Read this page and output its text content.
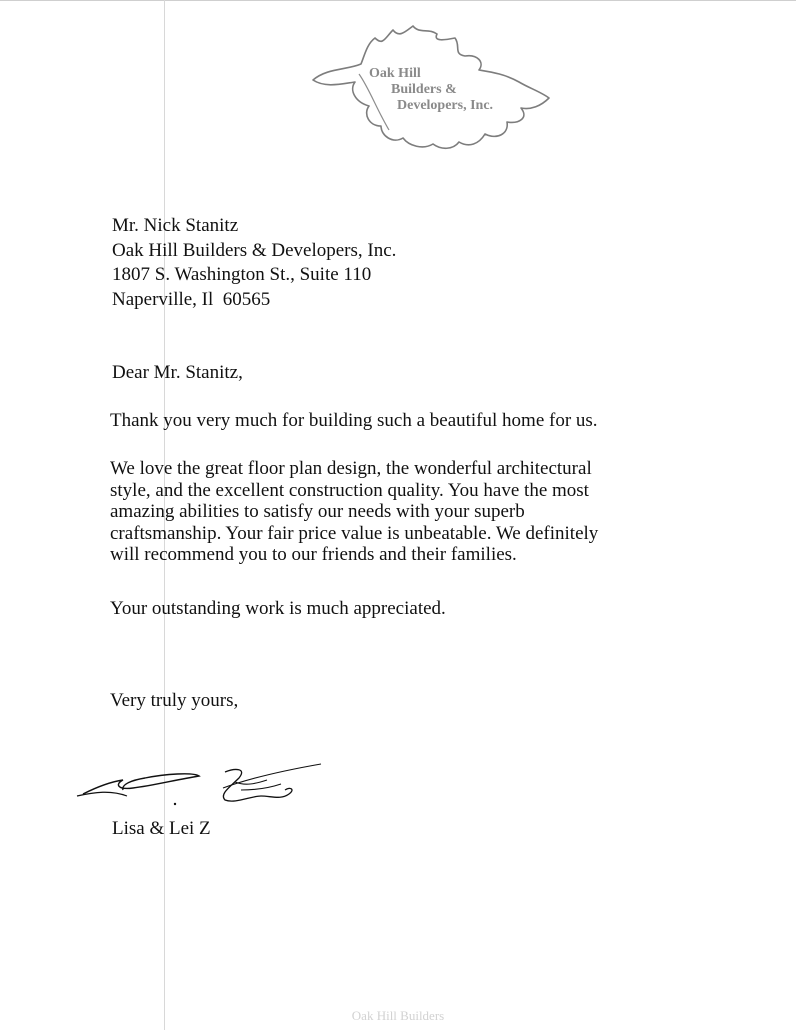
Oak Hill
Builders &
Developers, Inc.
Mr. Nick Stanitz
Oak Hill Builders & Developers, Inc.
1807 S. Washington St., Suite 110
Naperville, Il  60565
Dear Mr. Stanitz,
Thank you very much for building such a beautiful home for us.
We love the great floor plan design, the wonderful architectural
style, and the excellent construction quality. You have the most
amazing abilities to satisfy our needs with your superb
craftsmanship. Your fair price value is unbeatable. We definitely
will recommend you to our friends and their families.
Your outstanding work is much appreciated.
Very truly yours,
Lisa & Lei Z
Oak Hill Builders
